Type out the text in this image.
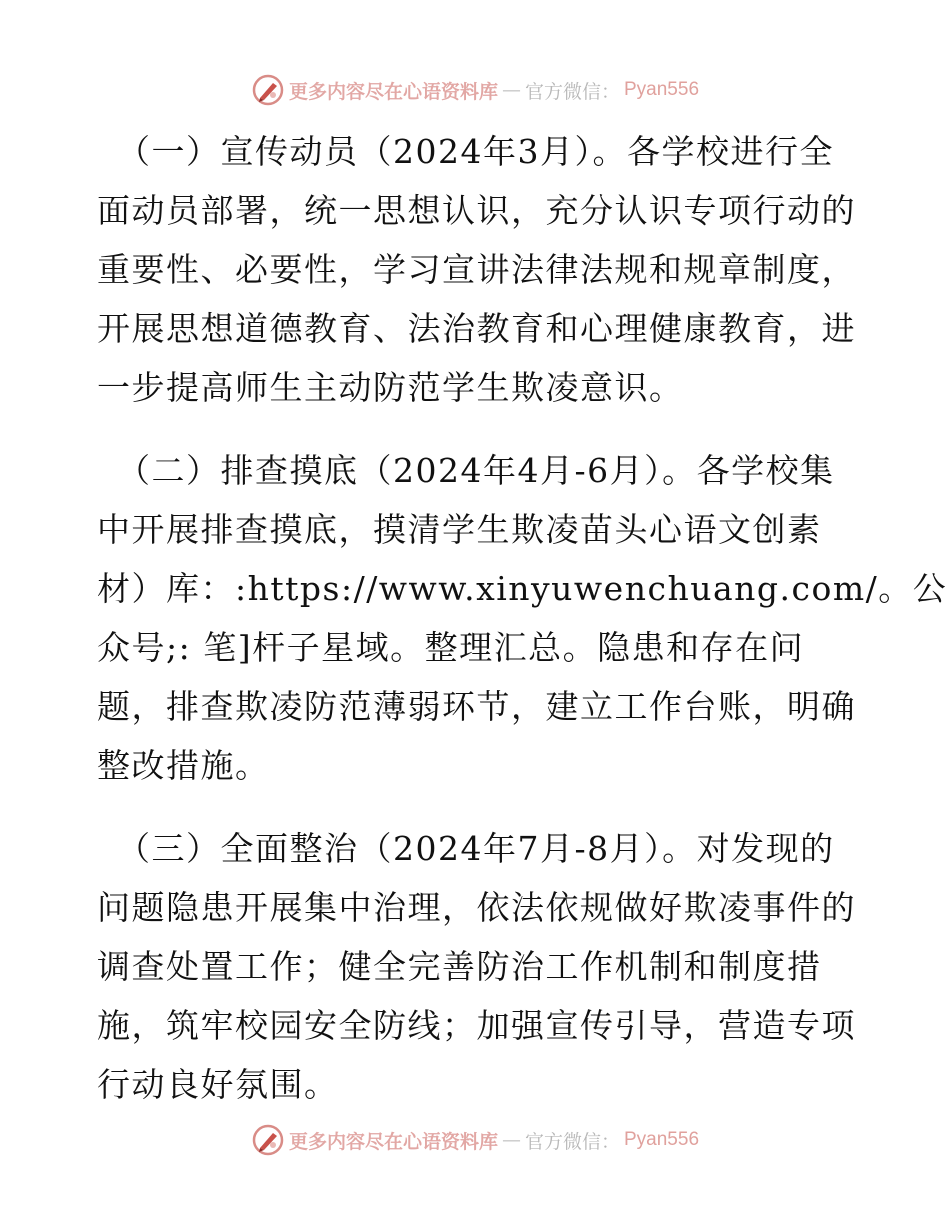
更多内容尽在心语资料库 — 官方微信： Pyan556
（一）宣传动员（2024年3月）。各学校进行全
面动员部署，统一思想认识，充分认识专项行动的
重要性、必要性，学习宣讲法律法规和规章制度，
开展思想道德教育、法治教育和心理健康教育，进
一步提高师生主动防范学生欺凌意识。
（二）排查摸底（2024年4月-6月）。各学校集
中开展排查摸底，摸清学生欺凌苗头心语文创素
材）库：:https://www.xinyuwenchuang.com/。公
众号;: 笔]杆子星域。整理汇总。隐患和存在问
题，排查欺凌防范薄弱环节，建立工作台账，明确
整改措施。
（三）全面整治（2024年7月-8月）。对发现的
问题隐患开展集中治理，依法依规做好欺凌事件的
调查处置工作；健全完善防治工作机制和制度措
施，筑牢校园安全防线；加强宣传引导，营造专项
行动良好氛围。
更多内容尽在心语资料库 — 官方微信： Pyan556
